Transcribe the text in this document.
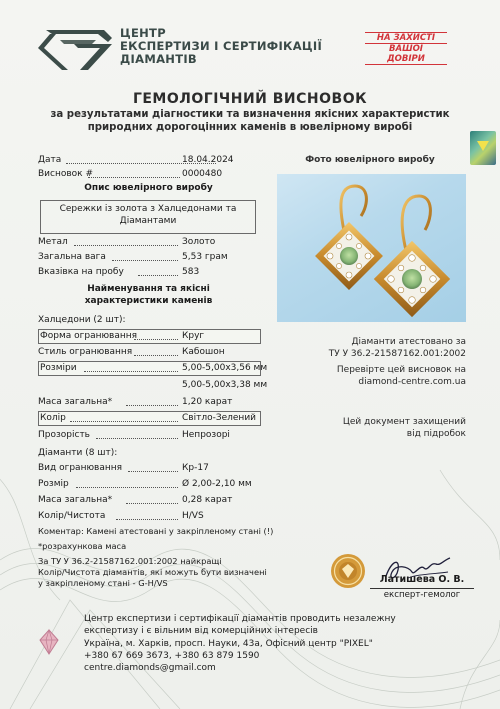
ЦЕНТР
ЕКСПЕРТИЗИ І СЕРТИФІКАЦІЇ
ДІАМАНТІВ
НА ЗАХИСТІ
ВАШОЇ
ДОВІРИ
ГЕМОЛОГІЧНИЙ ВИСНОВОК
за результатами діагностики та визначення якісних характеристик
природних дорогоцінних каменів в ювелірному виробі
Дата	18.04.2024
Висновок #	0000480
Опис ювелірного виробу
Сережки із золота з Халцедонами та
Діамантами
Метал	Золото
Загальна вага	5,53 грам
Вказівка на пробу	583
Найменування та якісні
характеристики каменів
Халцедони (2 шт):
Форма огранювання	Круг
Стиль огранювання	Кабошон
Розміри	5,00-5,00х3,56 мм
5,00-5,00х3,38 мм
Маса загальна*	1,20 карат
Колір	Світло-Зелений
Прозорість	Непрозорі
Діаманти (8 шт):
Вид огранювання	Кр-17
Розмір	Ø 2,00-2,10 мм
Маса загальна*	0,28 карат
Колір/Чистота	H/VS
Коментар: Камені атестовані у закріпленому стані (!)
*розрахункова маса
За ТУ У 36.2-21587162.001:2002 найкращі
Колір/Чистота діамантів, які можуть бути визначені
у закріпленому стані - G-H/VS
Фото ювелірного виробу
Діаманти атестовано за
ТУ У 36.2-21587162.001:2002
Перевірте цей висновок на
diamond-centre.com.ua
Цей документ захищений
від підробок
Латишева О. В.
експерт-гемолог
Центр експертизи і сертифікації діамантів проводить незалежну
експертизу і є вільним від комерційних інтересів
Україна, м. Харків, просп. Науки, 43а, Офісний центр "PIXEL"
+380 67 669 3673, +380 63 879 1590
centre.diamonds@gmail.com
